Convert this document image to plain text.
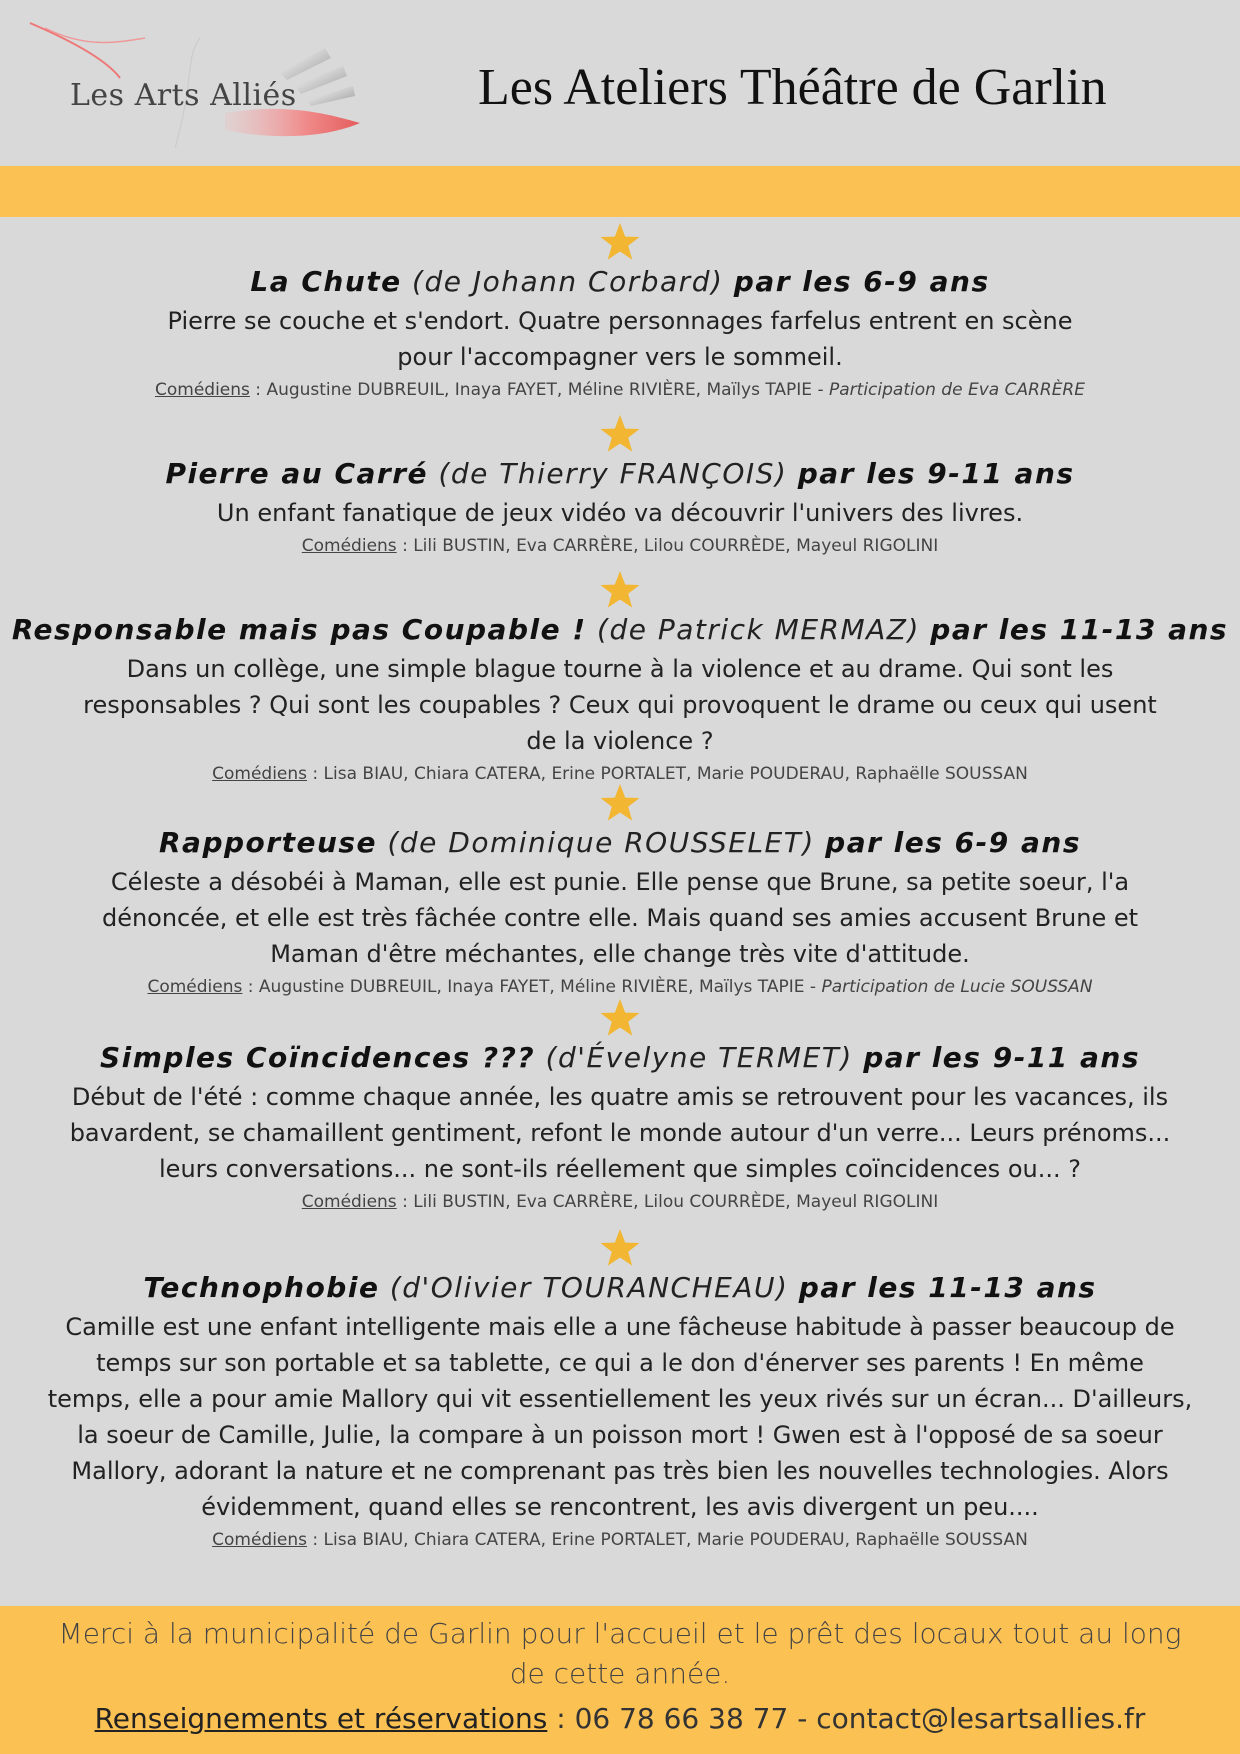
Les Arts Alliés	Les Ateliers Théâtre de Garlin
La Chute (de Johann Corbard) par les 6-9 ans
Pierre se couche et s'endort. Quatre personnages farfelus entrent en scène
pour l'accompagner vers le sommeil.
Comédiens : Augustine DUBREUIL, Inaya FAYET, Méline RIVIÈRE, Maïlys TAPIE - Participation de Eva CARRÈRE
Pierre au Carré (de Thierry FRANÇOIS) par les 9-11 ans
Un enfant fanatique de jeux vidéo va découvrir l'univers des livres.
Comédiens : Lili BUSTIN, Eva CARRÈRE, Lilou COURRÈDE, Mayeul RIGOLINI
Responsable mais pas Coupable ! (de Patrick MERMAZ) par les 11-13 ans
Dans un collège, une simple blague tourne à la violence et au drame. Qui sont les
responsables ? Qui sont les coupables ? Ceux qui provoquent le drame ou ceux qui usent
de la violence ?
Comédiens : Lisa BIAU, Chiara CATERA, Erine PORTALET, Marie POUDERAU, Raphaëlle SOUSSAN
Rapporteuse (de Dominique ROUSSELET) par les 6-9 ans
Céleste a désobéi à Maman, elle est punie. Elle pense que Brune, sa petite soeur, l'a
dénoncée, et elle est très fâchée contre elle. Mais quand ses amies accusent Brune et
Maman d'être méchantes, elle change très vite d'attitude.
Comédiens : Augustine DUBREUIL, Inaya FAYET, Méline RIVIÈRE, Maïlys TAPIE - Participation de Lucie SOUSSAN
Simples Coïncidences ??? (d'Évelyne TERMET) par les 9-11 ans
Début de l'été : comme chaque année, les quatre amis se retrouvent pour les vacances, ils
bavardent, se chamaillent gentiment, refont le monde autour d'un verre... Leurs prénoms...
leurs conversations... ne sont-ils réellement que simples coïncidences ou... ?
Comédiens : Lili BUSTIN, Eva CARRÈRE, Lilou COURRÈDE, Mayeul RIGOLINI
Technophobie (d'Olivier TOURANCHEAU) par les 11-13 ans
Camille est une enfant intelligente mais elle a une fâcheuse habitude à passer beaucoup de
temps sur son portable et sa tablette, ce qui a le don d'énerver ses parents ! En même
temps, elle a pour amie Mallory qui vit essentiellement les yeux rivés sur un écran... D'ailleurs,
la soeur de Camille, Julie, la compare à un poisson mort ! Gwen est à l'opposé de sa soeur
Mallory, adorant la nature et ne comprenant pas très bien les nouvelles technologies. Alors
évidemment, quand elles se rencontrent, les avis divergent un peu....
Comédiens : Lisa BIAU, Chiara CATERA, Erine PORTALET, Marie POUDERAU, Raphaëlle SOUSSAN
Merci à la municipalité de Garlin pour l'accueil et le prêt des locaux tout au long
de cette année.
Renseignements et réservations : 06 78 66 38 77 - contact@lesartsallies.fr
